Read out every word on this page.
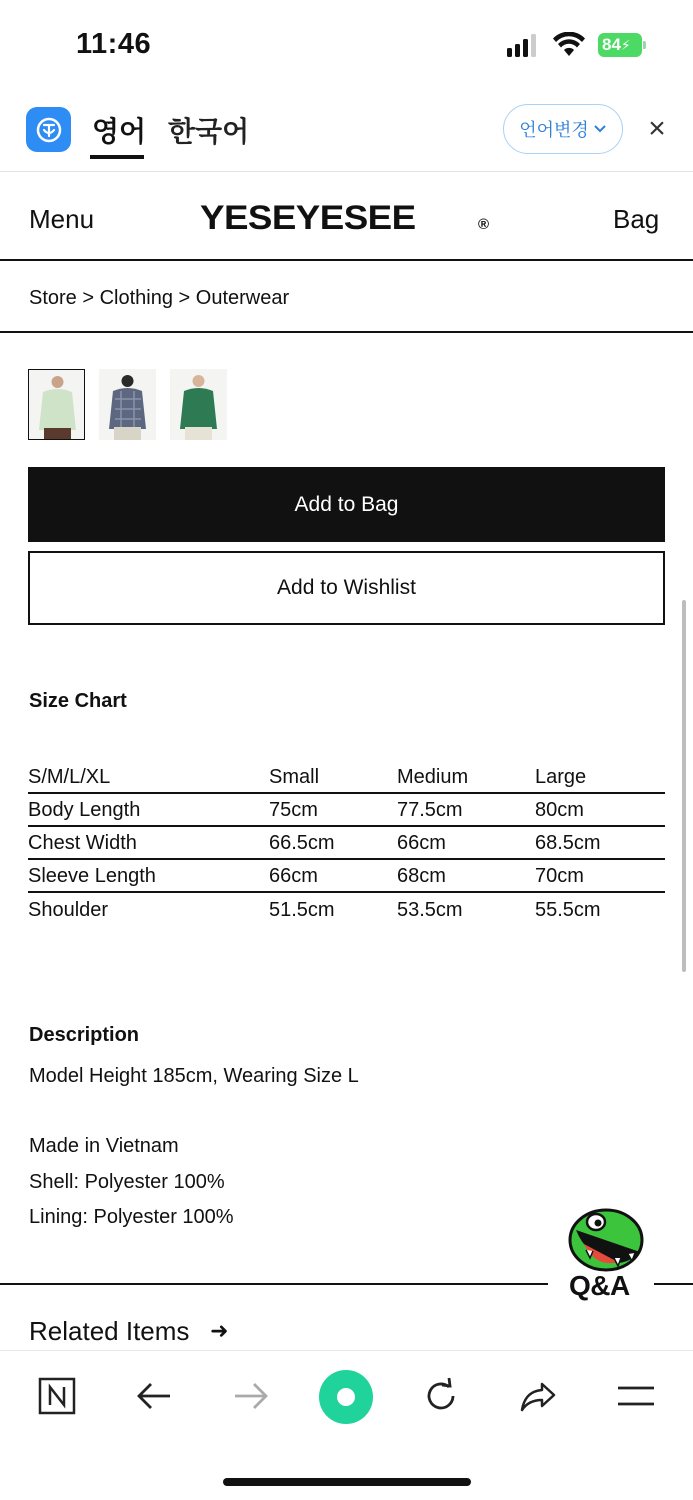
11:46	84⚡
영어 한국어	언어변경 ×
Menu	YESEYESEE	®	Bag
Store > Clothing > Outerwear
Add to Bag
Add to Wishlist
Size Chart
S/M/L/XL	Small	Medium	Large
Body Length	75cm	77.5cm	80cm
Chest Width	66.5cm	66cm	68.5cm
Sleeve Length	66cm	68cm	70cm
Shoulder	51.5cm	53.5cm	55.5cm
Description
Model Height 185cm, Wearing Size L
Made in Vietnam
Shell: Polyester 100%
Lining: Polyester 100%
Q&A
Related Items ➜
